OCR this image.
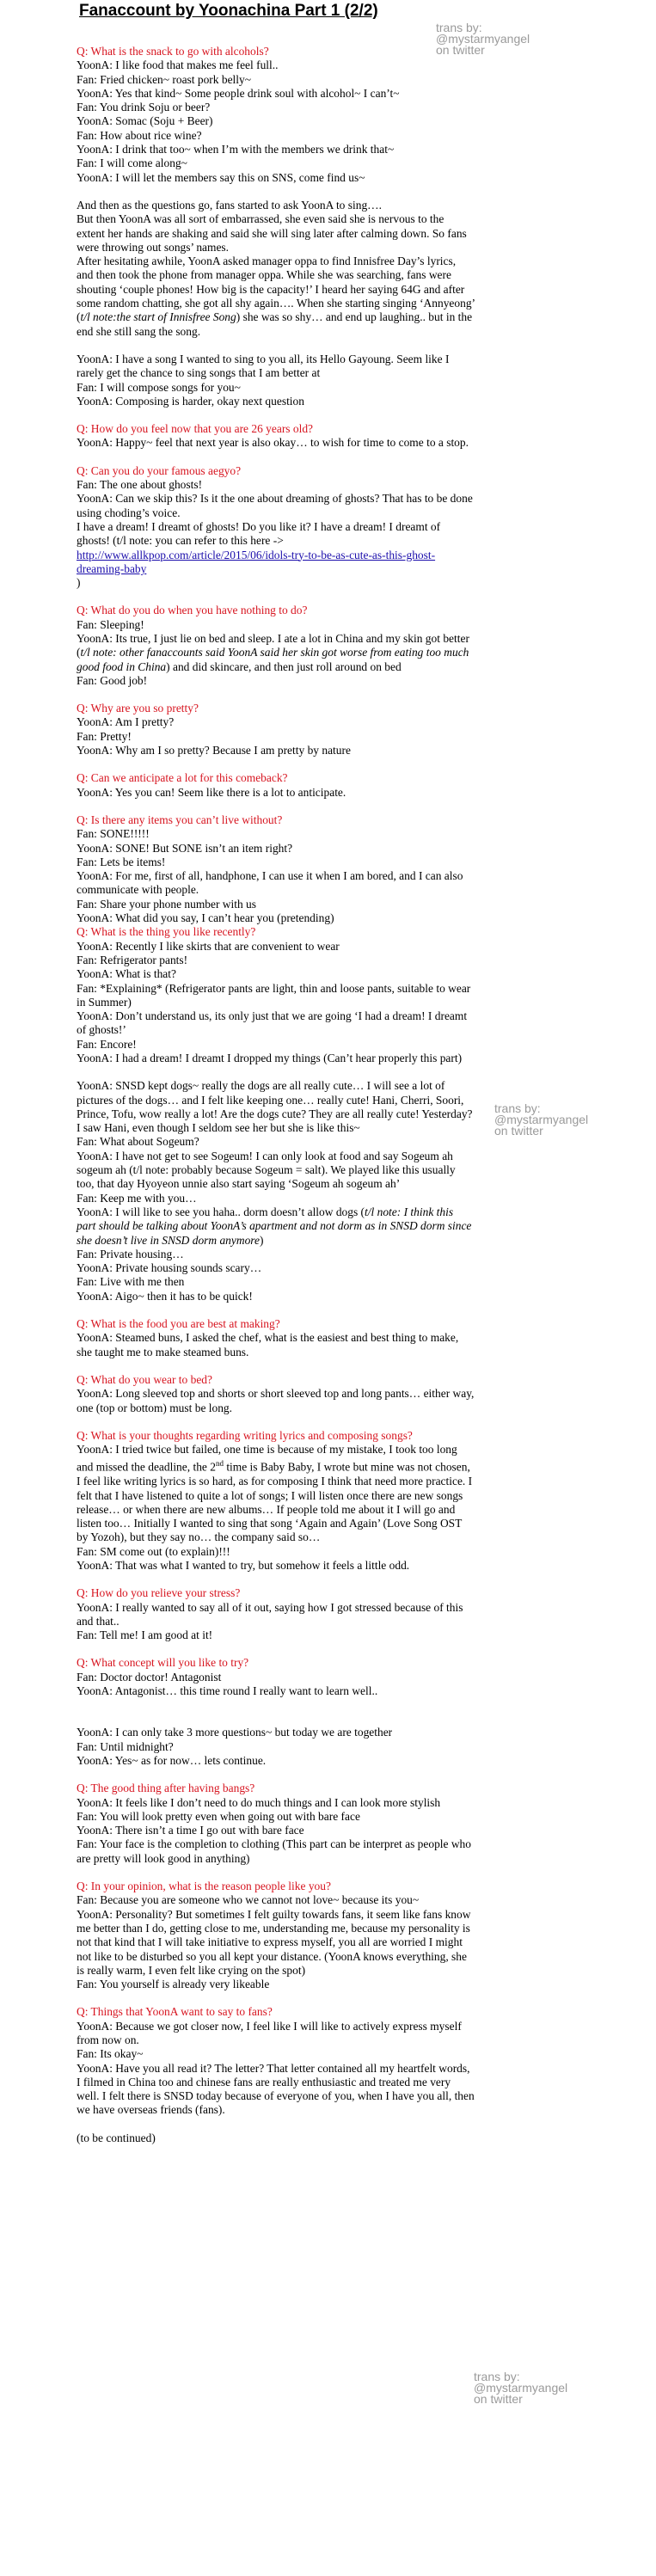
Fanaccount by Yoonachina Part 1 (2/2)
trans by:
@mystarmyangel
on twitter
trans by:
@mystarmyangel
on twitter
trans by:
@mystarmyangel
on twitter

Q: What is the snack to go with alcohols?

YoonA: I like food that makes me feel full..

Fan: Fried chicken~ roast pork belly~

YoonA: Yes that kind~ Some people drink soul with alcohol~ I can’t~

Fan: You drink Soju or beer?

YoonA: Somac (Soju + Beer)

Fan: How about rice wine?

YoonA: I drink that too~ when I’m with the members we drink that~

Fan: I will come along~

YoonA: I will let the members say this on SNS, come find us~

And then as the questions go, fans started to ask YoonA to sing….

But then YoonA was all sort of embarrassed, she even said she is nervous to the

extent her hands are shaking and said she will sing later after calming down. So fans

were throwing out songs’ names.

After hesitating awhile, YoonA asked manager oppa to find Innisfree Day’s lyrics,

and then took the phone from manager oppa. While she was searching, fans were

shouting ‘couple phones! How big is the capacity!’ I heard her saying 64G and after

some random chatting, she got all shy again…. When she starting singing ‘Annyeong’

(t/l note:the start of Innisfree Song) she was so shy… and end up laughing.. but in the

end she still sang the song.

YoonA: I have a song I wanted to sing to you all, its Hello Gayoung. Seem like I

rarely get the chance to sing songs that I am better at

Fan: I will compose songs for you~

YoonA: Composing is harder, okay next question

Q: How do you feel now that you are 26 years old?

YoonA: Happy~ feel that next year is also okay… to wish for time to come to a stop.

Q: Can you do your famous aegyo?

Fan: The one about ghosts!

YoonA: Can we skip this? Is it the one about dreaming of ghosts? That has to be done

using choding’s voice.

I have a dream! I dreamt of ghosts! Do you like it? I have a dream! I dreamt of

ghosts! (t/l note: you can refer to this here ->

http://www.allkpop.com/article/2015/06/idols-try-to-be-as-cute-as-this-ghost-

dreaming-baby

)

Q: What do you do when you have nothing to do?

Fan: Sleeping!

YoonA: Its true, I just lie on bed and sleep. I ate a lot in China and my skin got better

(t/l note: other fanaccounts said YoonA said her skin got worse from eating too much

good food in China) and did skincare, and then just roll around on bed

Fan: Good job!

Q: Why are you so pretty?

YoonA: Am I pretty?

Fan: Pretty!

YoonA: Why am I so pretty? Because I am pretty by nature

Q: Can we anticipate a lot for this comeback?

YoonA: Yes you can! Seem like there is a lot to anticipate.

Q: Is there any items you can’t live without?

Fan: SONE!!!!!

YoonA: SONE! But SONE isn’t an item right?

Fan: Lets be items!

YoonA: For me, first of all, handphone, I can use it when I am bored, and I can also

communicate with people.

Fan: Share your phone number with us

YoonA: What did you say, I can’t hear you (pretending)

Q: What is the thing you like recently?

YoonA: Recently I like skirts that are convenient to wear

Fan: Refrigerator pants!

YoonA: What is that?

Fan: *Explaining* (Refrigerator pants are light, thin and loose pants, suitable to wear

in Summer)

YoonA: Don’t understand us, its only just that we are going ‘I had a dream! I dreamt

of ghosts!’

Fan: Encore!

YoonA: I had a dream! I dreamt I dropped my things (Can’t hear properly this part)

YoonA: SNSD kept dogs~ really the dogs are all really cute… I will see a lot of

pictures of the dogs… and I felt like keeping one… really cute! Hani, Cherri, Soori,

Prince, Tofu, wow really a lot! Are the dogs cute? They are all really cute! Yesterday?

I saw Hani, even though I seldom see her but she is like this~

Fan: What about Sogeum?

YoonA: I have not get to see Sogeum! I can only look at food and say Sogeum ah

sogeum ah (t/l note: probably because Sogeum = salt). We played like this usually

too, that day Hyoyeon unnie also start saying ‘Sogeum ah sogeum ah’

Fan: Keep me with you…

YoonA: I will like to see you haha.. dorm doesn’t allow dogs (t/l note: I think this

part should be talking about YoonA’s apartment and not dorm as in SNSD dorm since

she doesn’t live in SNSD dorm anymore)

Fan: Private housing…

YoonA: Private housing sounds scary…

Fan: Live with me then

YoonA: Aigo~ then it has to be quick!

Q: What is the food you are best at making?

YoonA: Steamed buns, I asked the chef, what is the easiest and best thing to make,

she taught me to make steamed buns.

Q: What do you wear to bed?

YoonA: Long sleeved top and shorts or short sleeved top and long pants… either way,

one (top or bottom) must be long.

Q: What is your thoughts regarding writing lyrics and composing songs?

YoonA: I tried twice but failed, one time is because of my mistake, I took too long

and missed the deadline, the 2nd time is Baby Baby, I wrote but mine was not chosen,

I feel like writing lyrics is so hard, as for composing I think that need more practice. I

felt that I have listened to quite a lot of songs; I will listen once there are new songs

release… or when there are new albums… If people told me about it I will go and

listen too… Initially I wanted to sing that song ‘Again and Again’ (Love Song OST

by Yozoh), but they say no… the company said so…

Fan: SM come out (to explain)!!!

YoonA: That was what I wanted to try, but somehow it feels a little odd.

Q: How do you relieve your stress?

YoonA: I really wanted to say all of it out, saying how I got stressed because of this

and that..

Fan: Tell me! I am good at it!

Q: What concept will you like to try?

Fan: Doctor doctor! Antagonist

YoonA: Antagonist… this time round I really want to learn well..

YoonA: I can only take 3 more questions~ but today we are together

Fan: Until midnight?

YoonA: Yes~ as for now… lets continue.

Q: The good thing after having bangs?

YoonA: It feels like I don’t need to do much things and I can look more stylish

Fan: You will look pretty even when going out with bare face

YoonA: There isn’t a time I go out with bare face

Fan: Your face is the completion to clothing (This part can be interpret as people who

are pretty will look good in anything)

Q: In your opinion, what is the reason people like you?

Fan: Because you are someone who we cannot not love~ because its you~

YoonA: Personality? But sometimes I felt guilty towards fans, it seem like fans know

me better than I do, getting close to me, understanding me, because my personality is

not that kind that I will take initiative to express myself, you all are worried I might

not like to be disturbed so you all kept your distance. (YoonA knows everything, she

is really warm, I even felt like crying on the spot)

Fan: You yourself is already very likeable

Q: Things that YoonA want to say to fans?

YoonA: Because we got closer now, I feel like I will like to actively express myself

from now on.

Fan: Its okay~

YoonA: Have you all read it? The letter? That letter contained all my heartfelt words,

I filmed in China too and chinese fans are really enthusiastic and treated me very

well. I felt there is SNSD today because of everyone of you, when I have you all, then

we have overseas friends (fans).

(to be continued)
